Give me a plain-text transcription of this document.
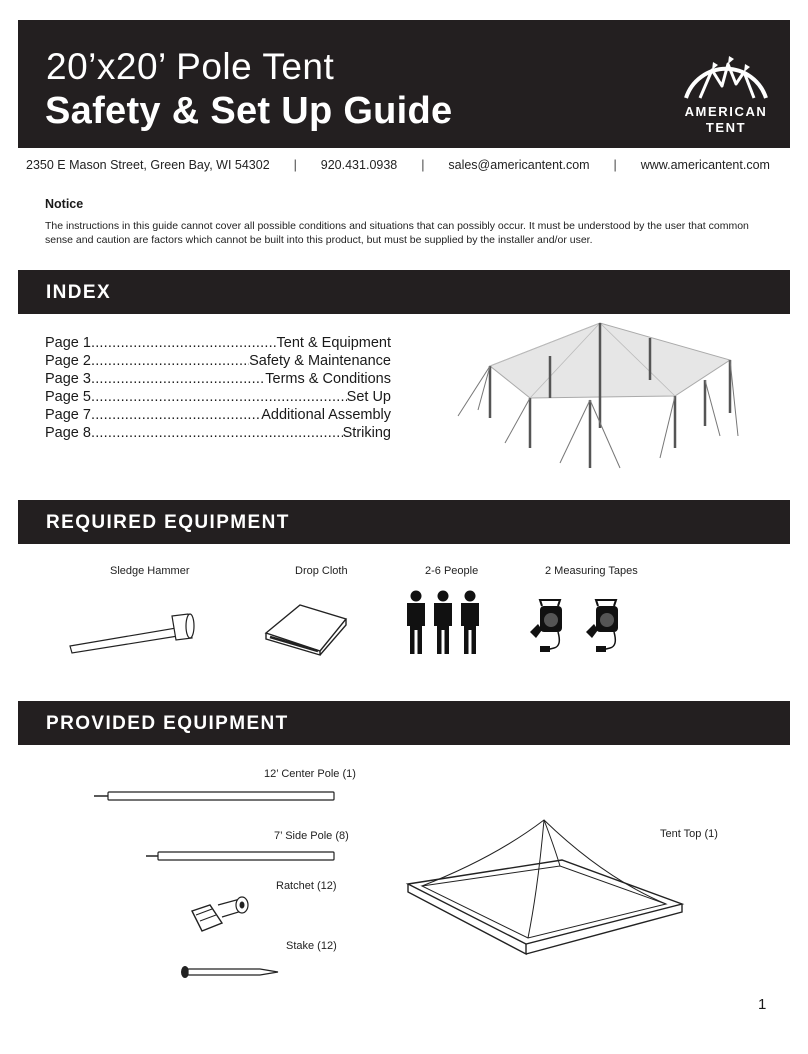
20’x20’ Pole Tent
Safety & Set Up Guide	AMERICAN
TENT
2350 E Mason Street, Green Bay, WI 54302 | 920.431.0938 | sales@americantent.com | www.americantent.com
Notice
The instructions in this guide cannot cover all possible conditions and situations that can possibly occur. It must be understood by the user that common sense and caution are factors which cannot be built into this product, but must be supplied by the installer and/or user.
INDEX
Page 1 .....	Tent & Equipment
Page 2 .....	Safety & Maintenance
Page 3 .....	Terms & Conditions
Page 5 .....	Set Up
Page 7 .....	Additional Assembly
Page 8 .....	Striking
REQUIRED EQUIPMENT
Sledge Hammer	Drop Cloth	2-6 People	2 Measuring Tapes
PROVIDED EQUIPMENT
12’ Center Pole (1)
7’ Side Pole (8)
Ratchet (12)
Stake (12)
Tent Top (1)
1
